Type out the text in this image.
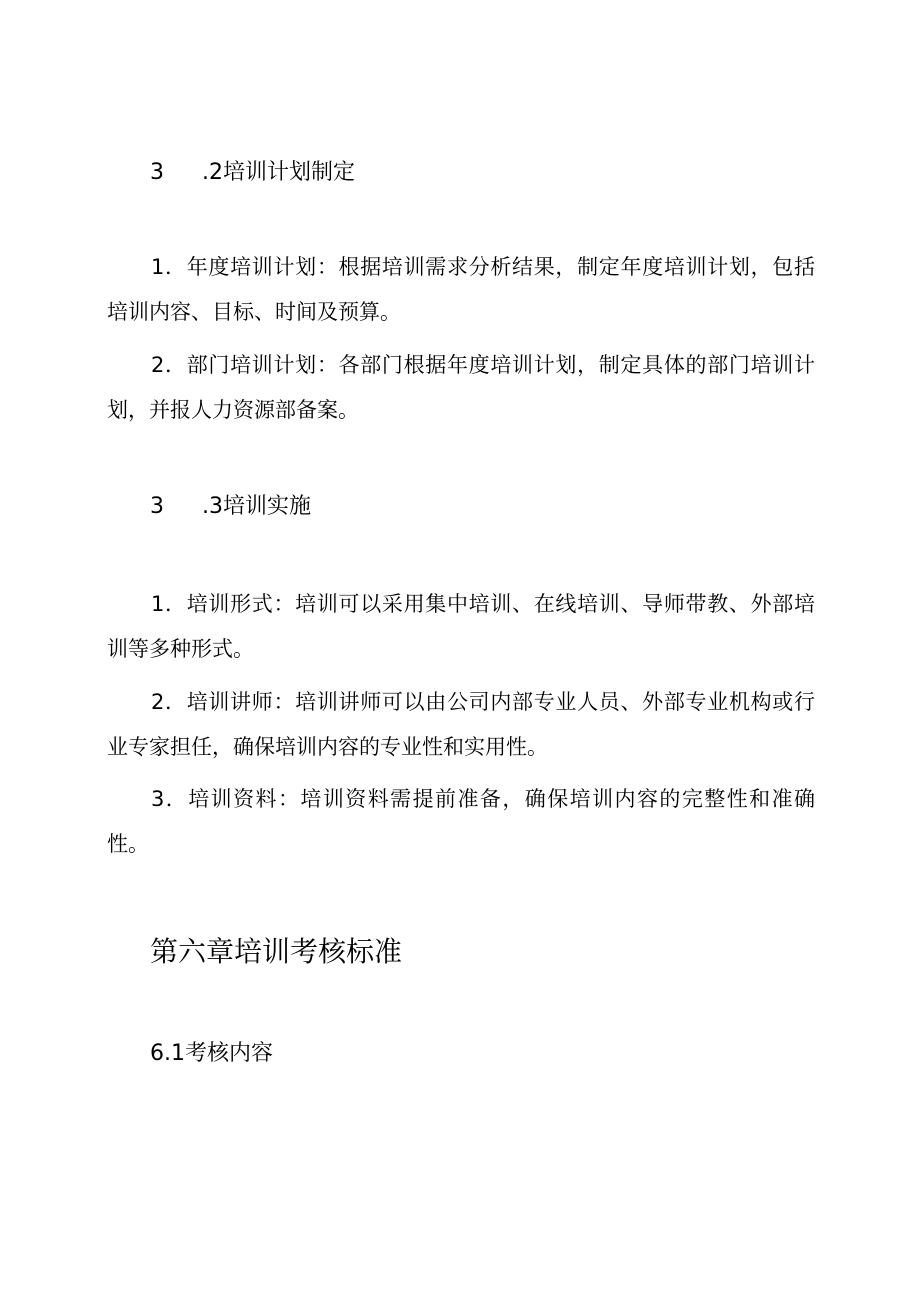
3 .2培训计划制定
1．年度培训计划：根据培训需求分析结果，制定年度培训计划，包括培训内容、目标、时间及预算。
2．部门培训计划：各部门根据年度培训计划，制定具体的部门培训计划，并报人力资源部备案。
3 .3培训实施
1．培训形式：培训可以采用集中培训、在线培训、导师带教、外部培训等多种形式。
2．培训讲师：培训讲师可以由公司内部专业人员、外部专业机构或行业专家担任，确保培训内容的专业性和实用性。
3．培训资料：培训资料需提前准备，确保培训内容的完整性和准确性。
第六章培训考核标准
6.1考核内容
